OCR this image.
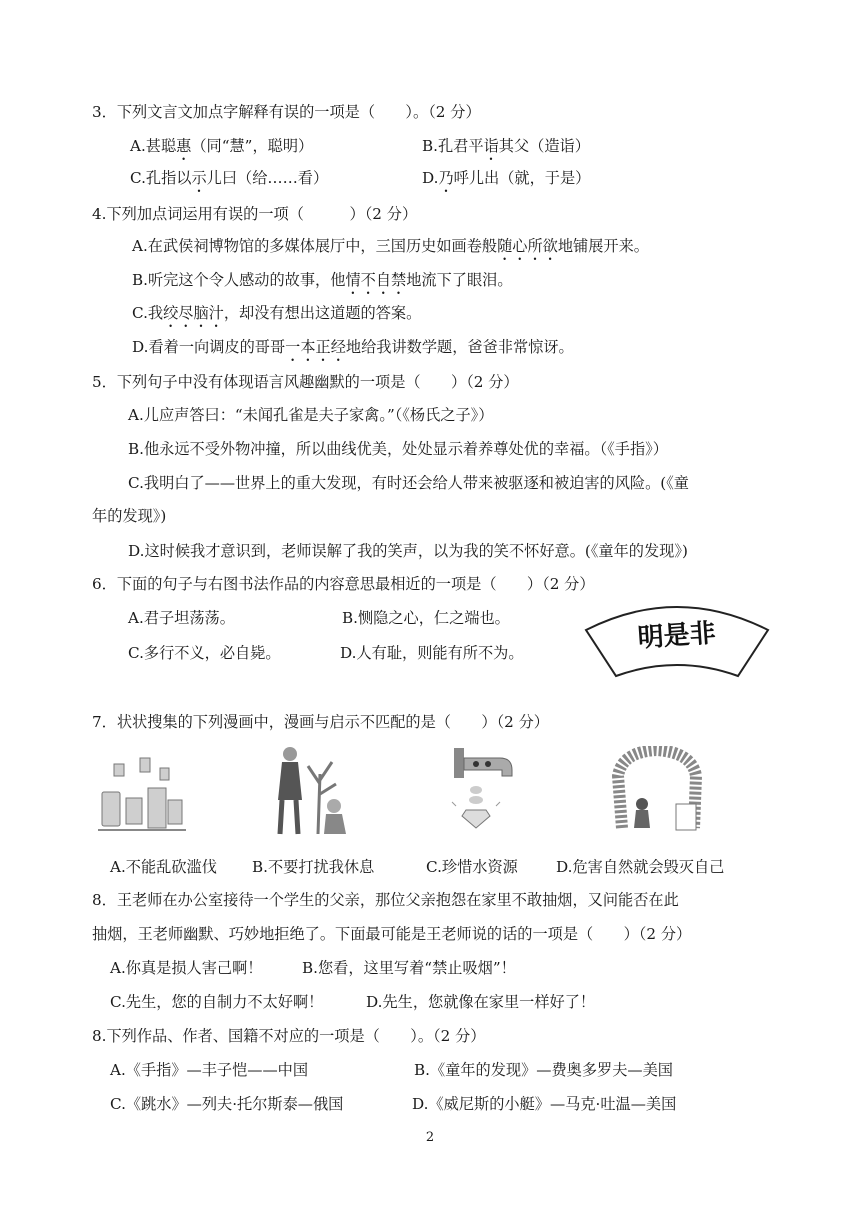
3．下列文言文加点字解释有误的一项是（　　）。（2 分）
A.甚聪惠（同“慧”，聪明）	B.孔君平诣其父（造诣）
C.孔指以示儿曰（给……看）	D.乃呼儿出（就，于是）
4.下列加点词运用有误的一项（　　　）（2 分）
A.在武侯祠博物馆的多媒体展厅中，三国历史如画卷般随心所欲地铺展开来。
B.听完这个令人感动的故事，他情不自禁地流下了眼泪。
C.我绞尽脑汁，却没有想出这道题的答案。
D.看着一向调皮的哥哥一本正经地给我讲数学题，爸爸非常惊讶。
5．下列句子中没有体现语言风趣幽默的一项是（　　）（2 分）
A.儿应声答曰：“未闻孔雀是夫子家禽。”（《杨氏之子》）
B.他永远不受外物冲撞，所以曲线优美，处处显示着养尊处优的幸福。（《手指》）
C.我明白了——世界上的重大发现，有时还会给人带来被驱逐和被迫害的风险。(《童
年的发现》)
D.这时候我才意识到，老师误解了我的笑声，以为我的笑不怀好意。(《童年的发现》)
6．下面的句子与右图书法作品的内容意思最相近的一项是（　　）（2 分）
A.君子坦荡荡。	B.恻隐之心，仁之端也。
C.多行不义，必自毙。	D.人有耻，则能有所不为。	明是非
7．状状搜集的下列漫画中，漫画与启示不匹配的是（　　）（2 分）
A.不能乱砍滥伐 B.不要打扰我休息	C.珍惜水资源	D.危害自然就会毁灭自己
8．王老师在办公室接待一个学生的父亲，那位父亲抱怨在家里不敢抽烟，又问能否在此
抽烟，王老师幽默、巧妙地拒绝了。下面最可能是王老师说的话的一项是（　　）（2 分）
A.你真是损人害己啊！	B.您看，这里写着“禁止吸烟”！
C.先生，您的自制力不太好啊！	D.先生，您就像在家里一样好了！
8.下列作品、作者、国籍不对应的一项是（　　）。（2 分）
A.《手指》—丰子恺——中国	B.《童年的发现》—费奥多罗夫—美国
C.《跳水》—列夫·托尔斯泰—俄国	D.《威尼斯的小艇》—马克·吐温—美国
2
